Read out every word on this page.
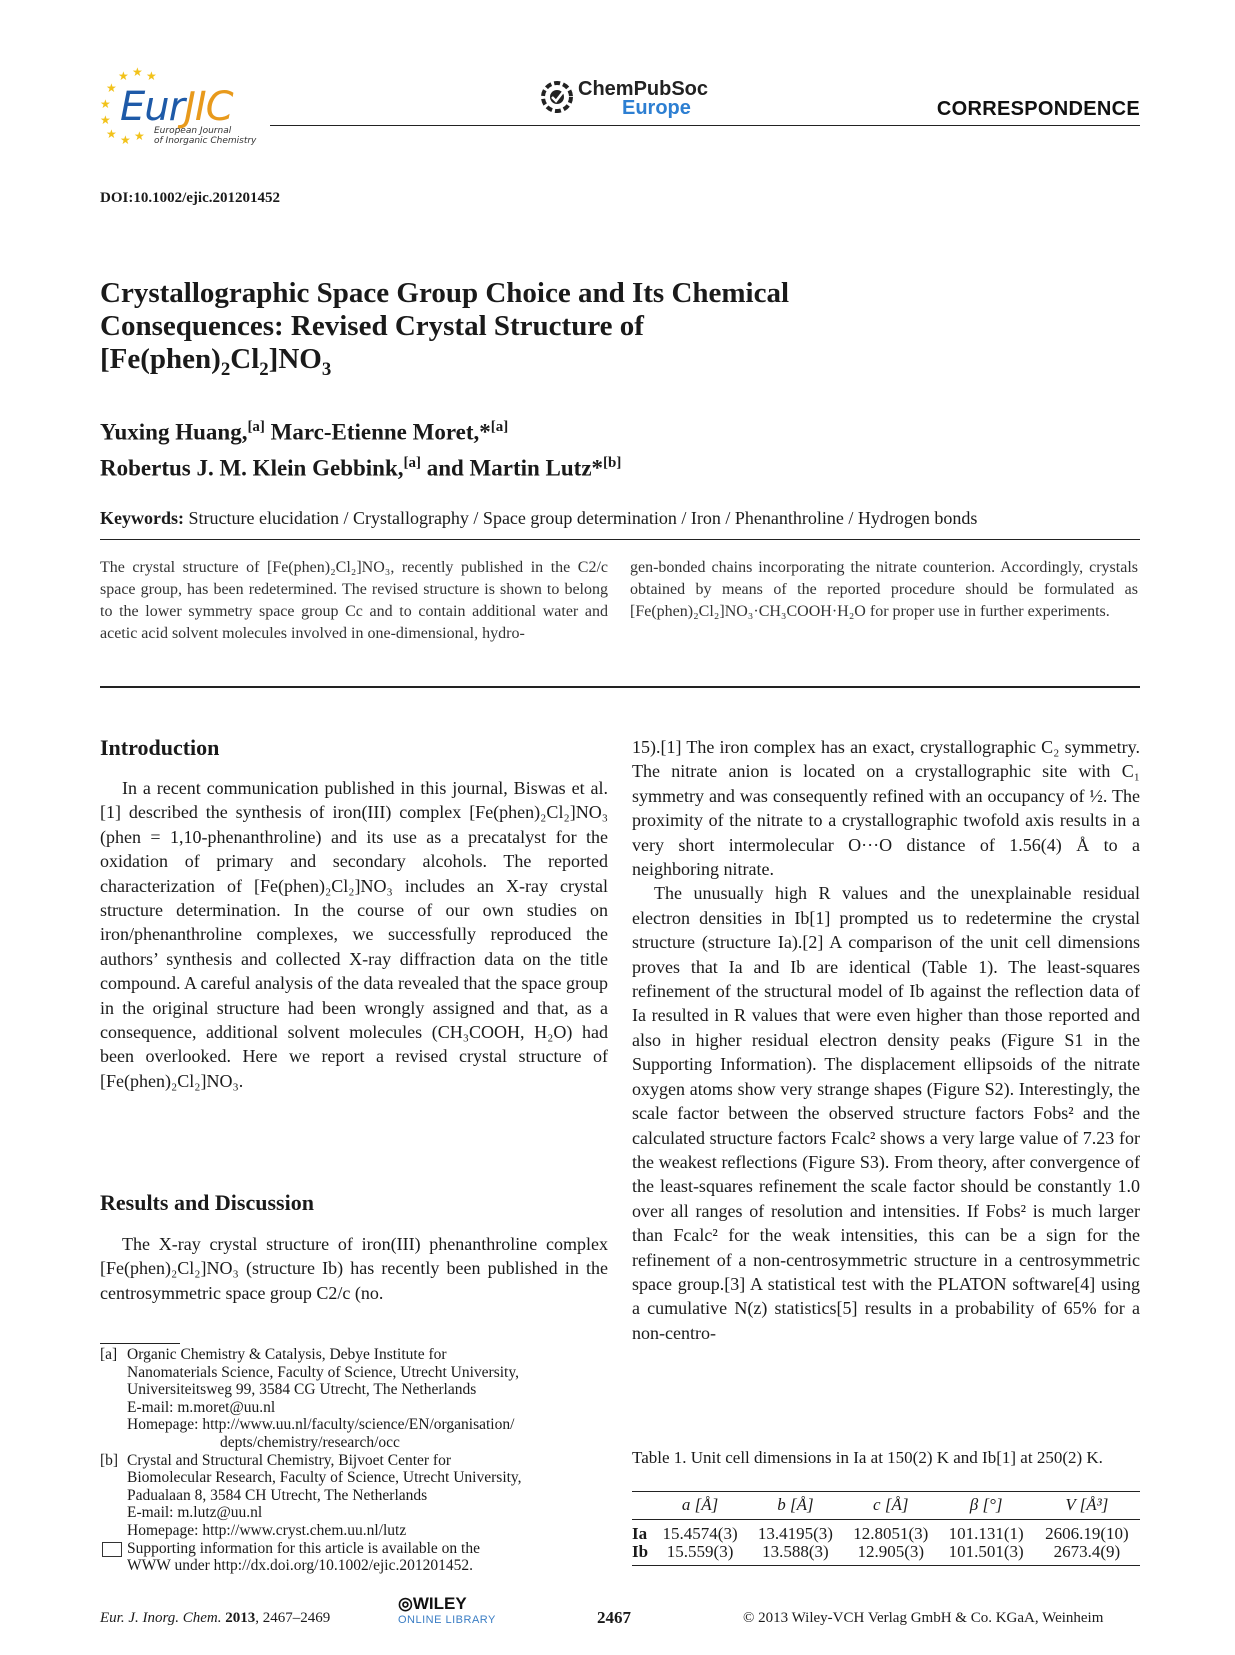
★ ★ ★
★
★
★
★ ★ ★
EurJIC
European Journal
of Inorganic Chemistry
ChemPubSoc
Europe	CORRESPONDENCE
DOI:10.1002/ejic.201201452
Crystallographic Space Group Choice and Its Chemical
Consequences: Revised Crystal Structure of
$[Fe(phen)_2Cl_2]NO_3$
Yuxing Huang,[a] Marc-Etienne Moret,*[a]
Robertus J. M. Klein Gebbink,[a] and Martin Lutz*[b]
Keywords: Structure elucidation / Crystallography / Space group determination / Iron / Phenanthroline / Hydrogen bonds
The crystal structure of [Fe(phen)₂Cl₂]NO₃, recently published in the C2/c space group, has been redetermined. The revised structure is shown to belong to the lower symmetry space group Cc and to contain additional water and acetic acid solvent molecules involved in one-dimensional, hydro-
gen-bonded chains incorporating the nitrate counterion. Accordingly, crystals obtained by means of the reported procedure should be formulated as [Fe(phen)₂Cl₂]NO₃·CH₃COOH·H₂O for proper use in further experiments.
Introduction

In a recent communication published in this journal, Biswas et al.[1] described the synthesis of iron(III) complex [Fe(phen)₂Cl₂]NO₃ (phen = 1,10-phenanthroline) and its use as a precatalyst for the oxidation of primary and secondary alcohols. The reported characterization of [Fe(phen)₂Cl₂]NO₃ includes an X-ray crystal structure determination. In the course of our own studies on iron/phenanthroline complexes, we successfully reproduced the authors’ synthesis and collected X-ray diffraction data on the title compound. A careful analysis of the data revealed that the space group in the original structure had been wrongly assigned and that, as a consequence, additional solvent molecules (CH₃COOH, H₂O) had been overlooked. Here we report a revised crystal structure of [Fe(phen)₂Cl₂]NO₃.

Results and Discussion

The X-ray crystal structure of iron(III) phenanthroline complex [Fe(phen)₂Cl₂]NO₃ (structure Ib) has recently been published in the centrosymmetric space group C2/c (no.

15).[1] The iron complex has an exact, crystallographic C₂ symmetry. The nitrate anion is located on a crystallographic site with C₁ symmetry and was consequently refined with an occupancy of ½. The proximity of the nitrate to a crystallographic twofold axis results in a very short intermolecular O···O distance of 1.56(4) Å to a neighboring nitrate.

The unusually high R values and the unexplainable residual electron densities in Ib[1] prompted us to redetermine the crystal structure (structure Ia).[2] A comparison of the unit cell dimensions proves that Ia and Ib are identical (Table 1). The least-squares refinement of the structural model of Ib against the reflection data of Ia resulted in R values that were even higher than those reported and also in higher residual electron density peaks (Figure S1 in the Supporting Information). The displacement ellipsoids of the nitrate oxygen atoms show very strange shapes (Figure S2). Interestingly, the scale factor between the observed structure factors Fobs² and the calculated structure factors Fcalc² shows a very large value of 7.23 for the weakest reflections (Figure S3). From theory, after convergence of the least-squares refinement the scale factor should be constantly 1.0 over all ranges of resolution and intensities. If Fobs² is much larger than Fcalc² for the weak intensities, this can be a sign for the refinement of a non-centrosymmetric structure in a centrosymmetric space group.[3] A statistical test with the PLATON software[4] using a cumulative N(z) statistics[5] results in a probability of 65% for a non-centro-

[a] Organic Chemistry & Catalysis, Debye Institute for
Nanomaterials Science, Faculty of Science, Utrecht University,
Universiteitsweg 99, 3584 CG Utrecht, The Netherlands
E-mail: m.moret@uu.nl
Homepage: http://www.uu.nl/faculty/science/EN/organisation/
depts/chemistry/research/occ
[b] Crystal and Structural Chemistry, Bijvoet Center for
Biomolecular Research, Faculty of Science, Utrecht University,
Padualaan 8, 3584 CH Utrecht, The Netherlands
E-mail: m.lutz@uu.nl
Homepage: http://www.cryst.chem.uu.nl/lutz
Supporting information for this article is available on the
WWW under http://dx.doi.org/10.1002/ejic.201201452.
Table 1. Unit cell dimensions in Ia at 150(2) K and Ib[1] at 250(2) K.
	a [Å]	b [Å]	c [Å]	β [°]	V [Å³]
Ia	15.4574(3)	13.4195(3)	12.8051(3)	101.131(1)	2606.19(10)
Ib	15.559(3)	13.588(3)	12.905(3)	101.501(3)	2673.4(9)
Eur. J. Inorg. Chem. 2013, 2467–2469
◎WILEY
ONLINE LIBRARY	2467	© 2013 Wiley-VCH Verlag GmbH & Co. KGaA, Weinheim
